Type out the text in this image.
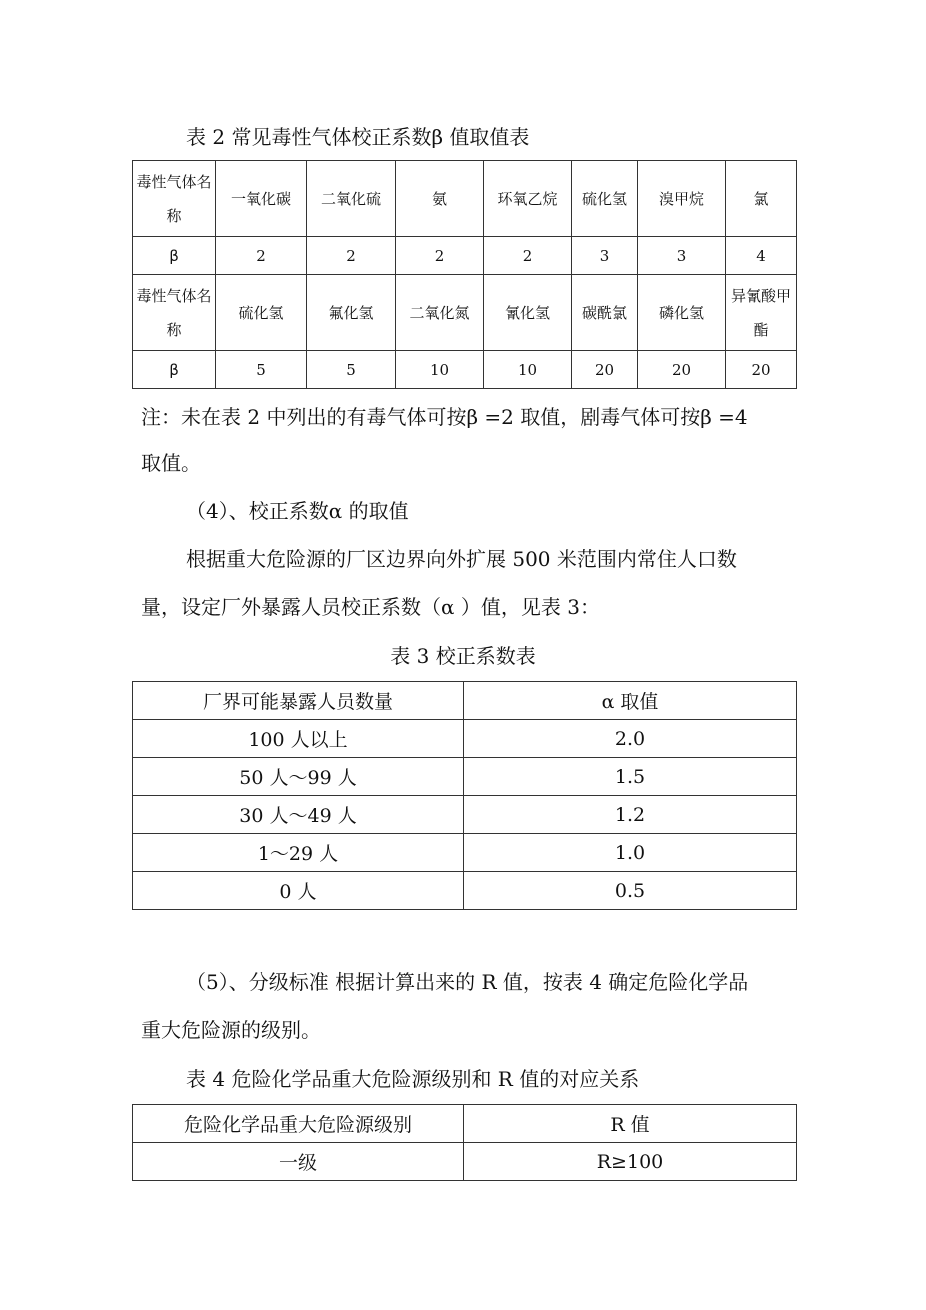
表 2 常见毒性气体校正系数β 值取值表
毒性气体名称	一氧化碳	二氧化硫	氨	环氧乙烷	硫化氢	溴甲烷	氯
β	2	2	2	2	3	3	4
毒性气体名称	硫化氢	氟化氢	二氧化氮	氰化氢	碳酰氯	磷化氢	异氰酸甲酯
β	5	5	10	10	20	20	20
注：未在表 2 中列出的有毒气体可按β =2 取值，剧毒气体可按β =4
取值。
（4）、校正系数α 的取值
根据重大危险源的厂区边界向外扩展 500 米范围内常住人口数
量，设定厂外暴露人员校正系数（α ）值，见表 3：
表 3 校正系数表
厂界可能暴露人员数量	α 取值
100 人以上	2.0
50 人～99 人	1.5
30 人～49 人	1.2
1～29 人	1.0
0 人	0.5
（5）、分级标准 根据计算出来的 R 值，按表 4 确定危险化学品
重大危险源的级别。
表 4 危险化学品重大危险源级别和 R 值的对应关系
危险化学品重大危险源级别	R 值
一级	R≥100
